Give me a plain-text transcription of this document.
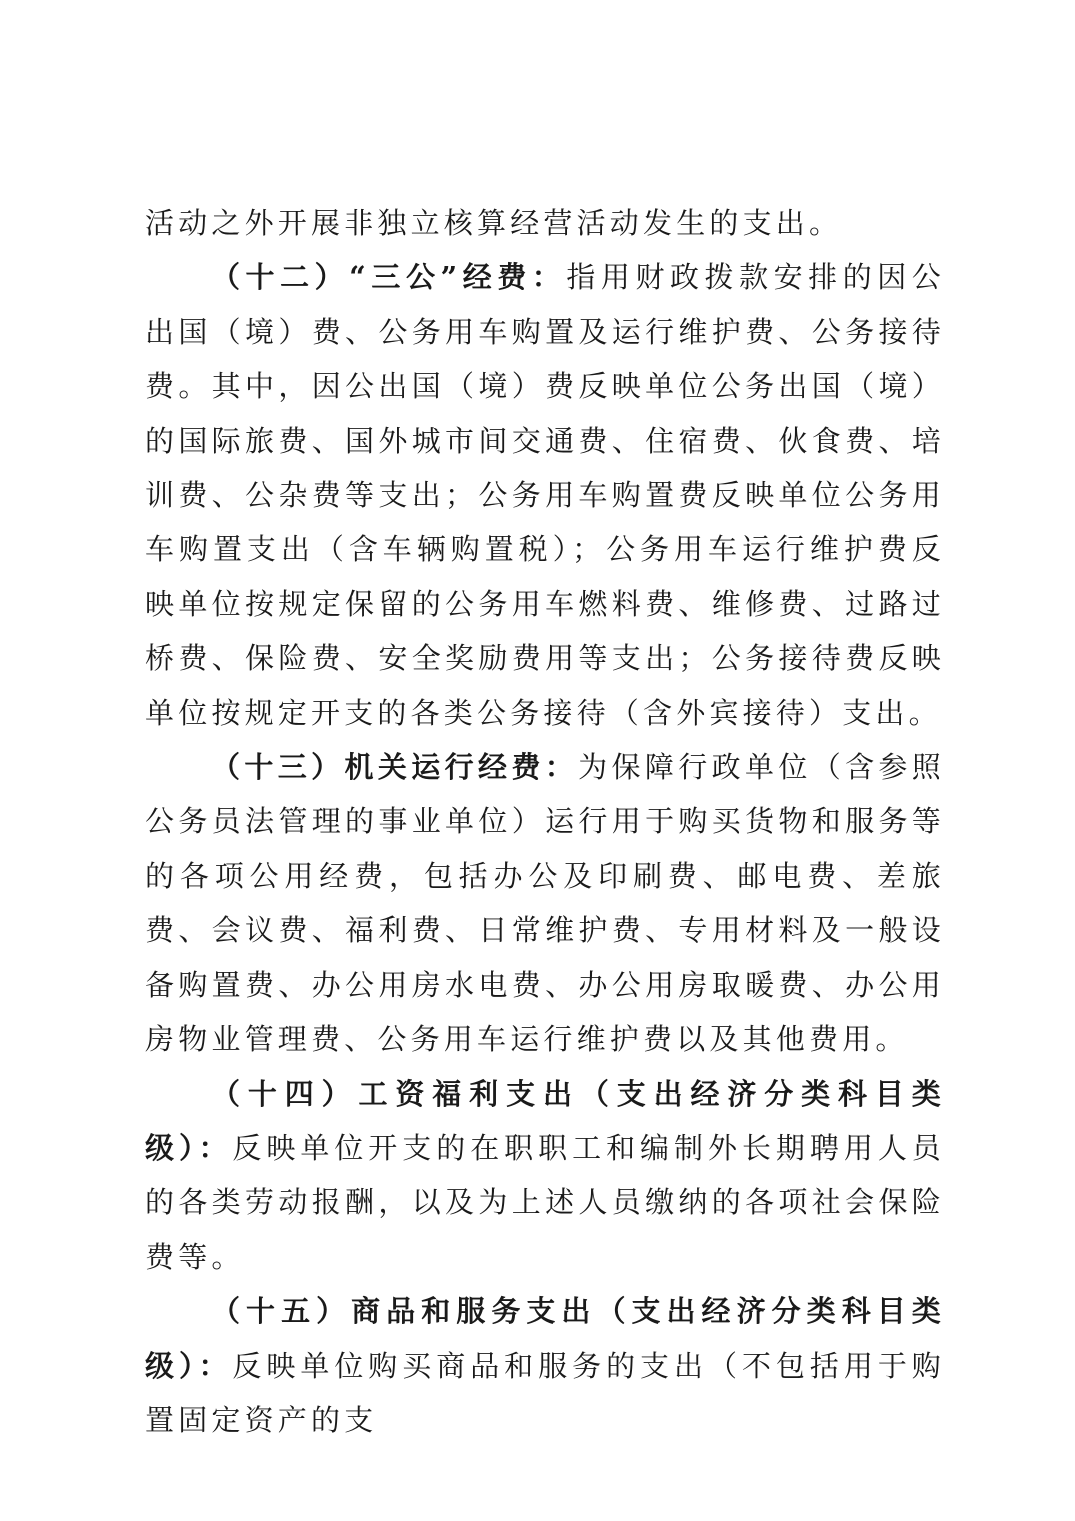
活动之外开展非独立核算经营活动发生的支出。

（十二）“三公”经费：指用财政拨款安排的因公出国（境）费、公务用车购置及运行维护费、公务接待费。其中，因公出国（境）费反映单位公务出国（境）的国际旅费、国外城市间交通费、住宿费、伙食费、培训费、公杂费等支出；公务用车购置费反映单位公务用车购置支出（含车辆购置税）；公务用车运行维护费反映单位按规定保留的公务用车燃料费、维修费、过路过桥费、保险费、安全奖励费用等支出；公务接待费反映单位按规定开支的各类公务接待（含外宾接待）支出。

（十三）机关运行经费：为保障行政单位（含参照公务员法管理的事业单位）运行用于购买货物和服务等的各项公用经费，包括办公及印刷费、邮电费、差旅费、会议费、福利费、日常维护费、专用材料及一般设备购置费、办公用房水电费、办公用房取暖费、办公用房物业管理费、公务用车运行维护费以及其他费用。

（十四）工资福利支出（支出经济分类科目类级）：反映单位开支的在职职工和编制外长期聘用人员的各类劳动报酬，以及为上述人员缴纳的各项社会保险费等。

（十五）商品和服务支出（支出经济分类科目类级）：反映单位购买商品和服务的支出（不包括用于购置固定资产的支
